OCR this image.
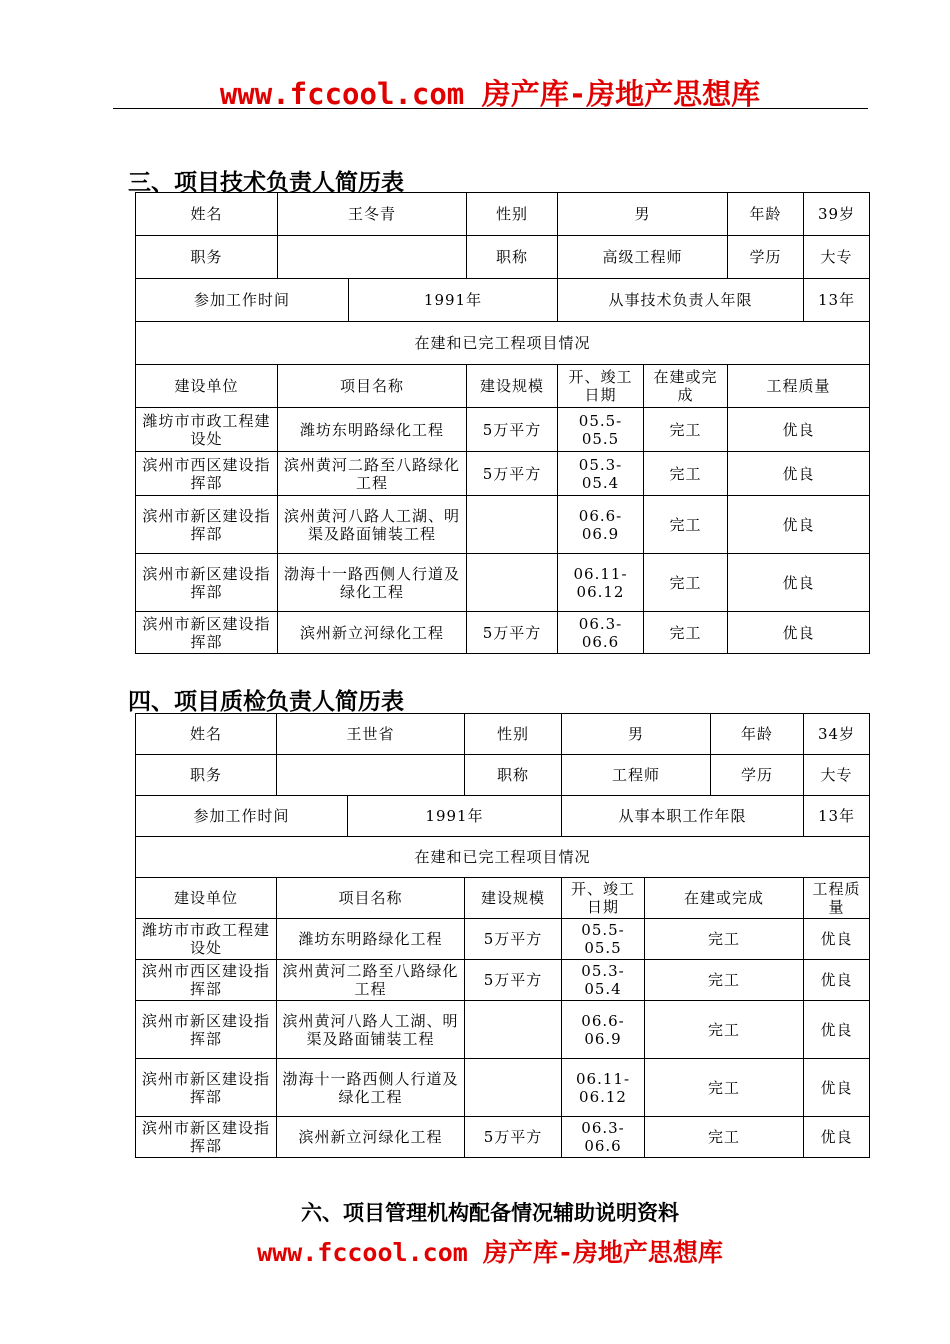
www.fccool.com 房产库-房地产思想库
三、项目技术负责人简历表
姓名	王冬青		性别	男		年龄	39岁
职务			职称	高级工程师		学历	大专
参加工作时间		1991年		从事技术负责人年限			13年
在建和已完工程项目情况							
建设单位	项目名称		建设规模	开、竣工日期	在建或完成	工程质量	
潍坊市市政工程建设处	潍坊东明路绿化工程		5万平方	05.5-05.5	完工	优良	
滨州市西区建设指挥部	滨州黄河二路至八路绿化工程		5万平方	05.3-05.4	完工	优良	
滨州市新区建设指挥部	滨州黄河八路人工湖、明渠及路面铺装工程			06.6-06.9	完工	优良	
滨州市新区建设指挥部	渤海十一路西侧人行道及绿化工程			06.11-06.12	完工	优良	
滨州市新区建设指挥部	滨州新立河绿化工程		5万平方	06.3-06.6	完工	优良	
四、项目质检负责人简历表
姓名	王世省		性别	男		年龄	34岁
职务			职称	工程师		学历	大专
参加工作时间		1991年		从事本职工作年限			13年
在建和已完工程项目情况							
建设单位	项目名称		建设规模	开、竣工日期	在建或完成		工程质量
潍坊市市政工程建设处	潍坊东明路绿化工程		5万平方	05.5-05.5	完工		优良
滨州市西区建设指挥部	滨州黄河二路至八路绿化工程		5万平方	05.3-05.4	完工		优良
滨州市新区建设指挥部	滨州黄河八路人工湖、明渠及路面铺装工程			06.6-06.9	完工		优良
滨州市新区建设指挥部	渤海十一路西侧人行道及绿化工程			06.11-06.12	完工		优良
滨州市新区建设指挥部	滨州新立河绿化工程		5万平方	06.3-06.6	完工		优良
六、项目管理机构配备情况辅助说明资料
www.fccool.com 房产库-房地产思想库
